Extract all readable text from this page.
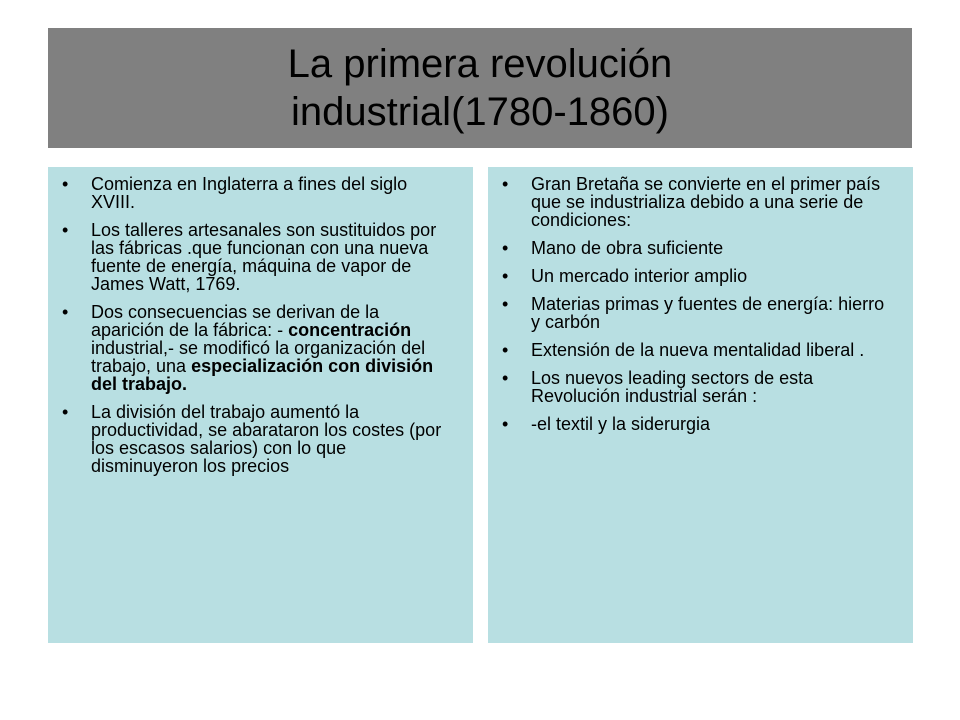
La primera revolución
industrial(1780-1860)
• Comienza en Inglaterra a fines del siglo XVIII.
• Los talleres artesanales son sustituidos por las fábricas .que funcionan con una nueva fuente de energía, máquina de vapor de James Watt, 1769.
• Dos consecuencias se derivan de la aparición de la fábrica: - concentración industrial,- se modificó la organización del trabajo, una especialización con división del trabajo.
• La división del trabajo aumentó la productividad, se abarataron los costes (por los escasos salarios) con lo que disminuyeron los precios
• Gran Bretaña se convierte en el primer país que se industrializa debido a una serie de condiciones:
• Mano de obra suficiente
• Un mercado interior amplio
• Materias primas y fuentes de energía: hierro y carbón
• Extensión de la nueva mentalidad liberal .
• Los nuevos leading sectors de esta Revolución industrial serán :
• -el textil y la siderurgia
